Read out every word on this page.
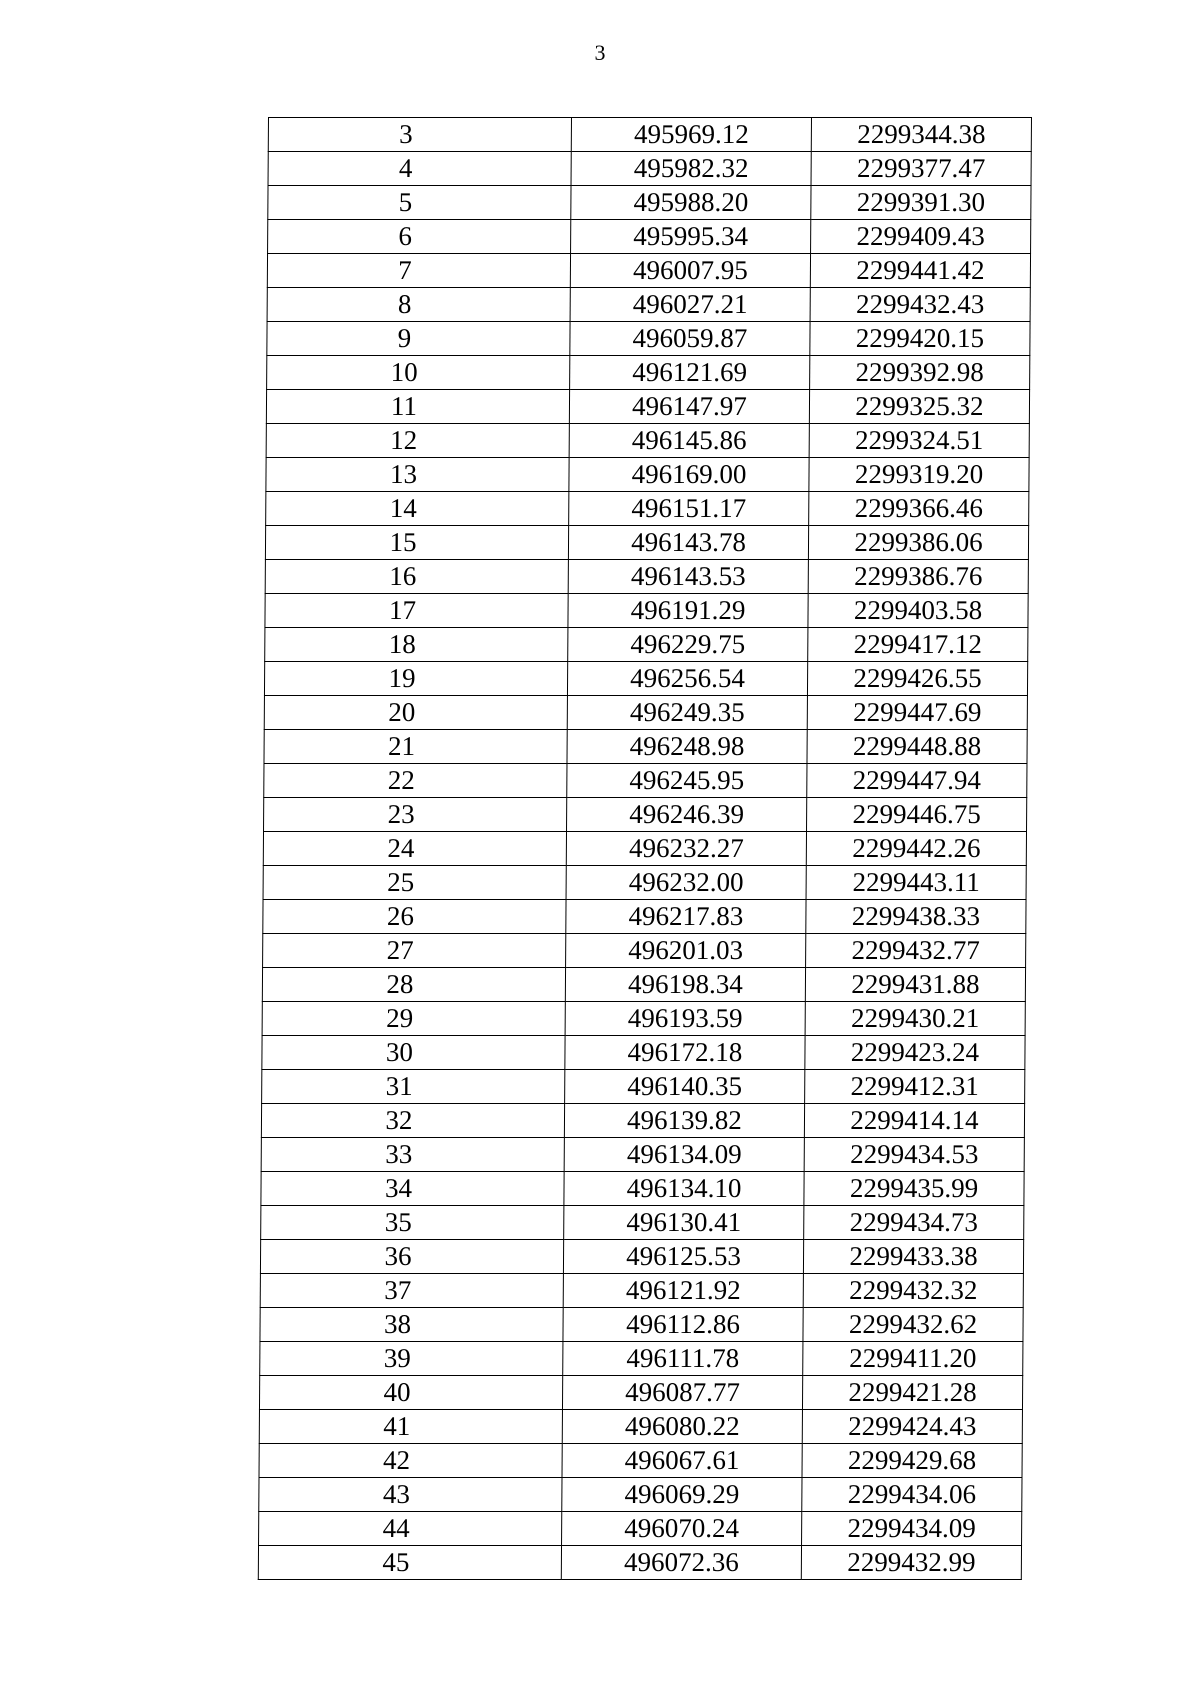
3
3	495969.12	2299344.38
4	495982.32	2299377.47
5	495988.20	2299391.30
6	495995.34	2299409.43
7	496007.95	2299441.42
8	496027.21	2299432.43
9	496059.87	2299420.15
10	496121.69	2299392.98
11	496147.97	2299325.32
12	496145.86	2299324.51
13	496169.00	2299319.20
14	496151.17	2299366.46
15	496143.78	2299386.06
16	496143.53	2299386.76
17	496191.29	2299403.58
18	496229.75	2299417.12
19	496256.54	2299426.55
20	496249.35	2299447.69
21	496248.98	2299448.88
22	496245.95	2299447.94
23	496246.39	2299446.75
24	496232.27	2299442.26
25	496232.00	2299443.11
26	496217.83	2299438.33
27	496201.03	2299432.77
28	496198.34	2299431.88
29	496193.59	2299430.21
30	496172.18	2299423.24
31	496140.35	2299412.31
32	496139.82	2299414.14
33	496134.09	2299434.53
34	496134.10	2299435.99
35	496130.41	2299434.73
36	496125.53	2299433.38
37	496121.92	2299432.32
38	496112.86	2299432.62
39	496111.78	2299411.20
40	496087.77	2299421.28
41	496080.22	2299424.43
42	496067.61	2299429.68
43	496069.29	2299434.06
44	496070.24	2299434.09
45	496072.36	2299432.99
